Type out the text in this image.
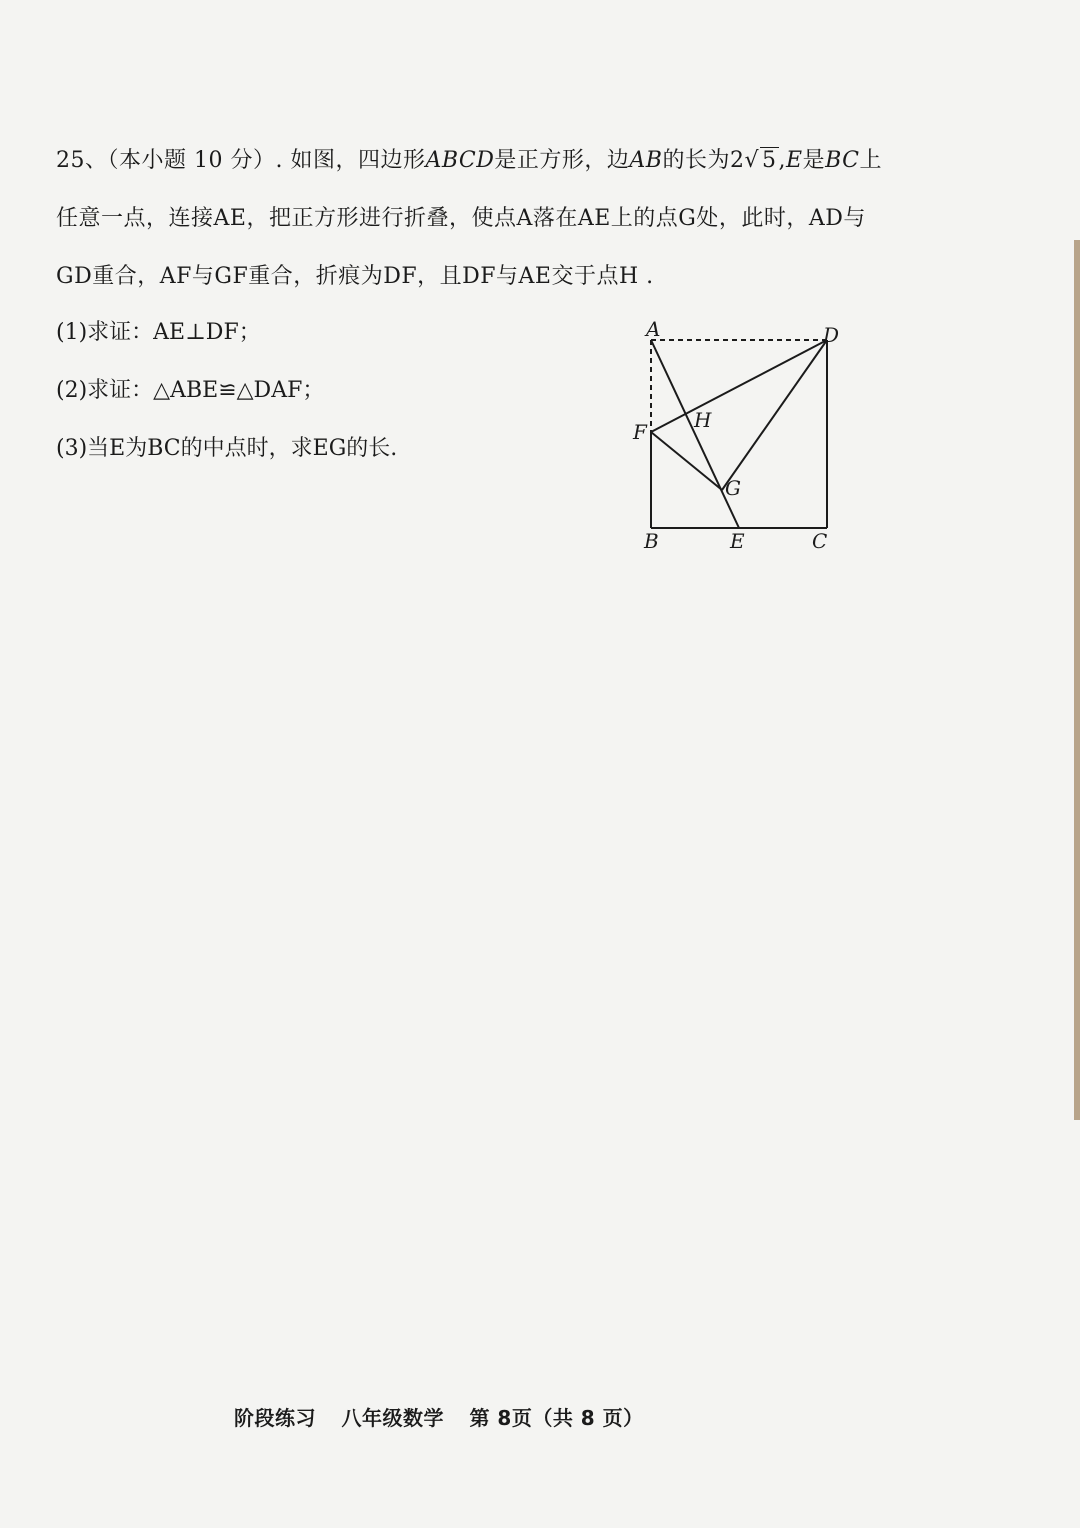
25、（本小题 10 分）. 如图，四边形ABCD是正方形，边AB的长为2√ 5,E是BC上
任意一点，连接AE，把正方形进行折叠，使点A落在AE上的点G处，此时，AD与
GD重合，AF与GF重合，折痕为DF，且DF与AE交于点H .
(1)求证：AE⊥DF；
(2)求证：△ABE≌△DAF；
(3)当E为BC的中点时，求EG的长.
A	D
F H
G
B	E	C
阶段练习 八年级数学 第 8页（共 8 页）
